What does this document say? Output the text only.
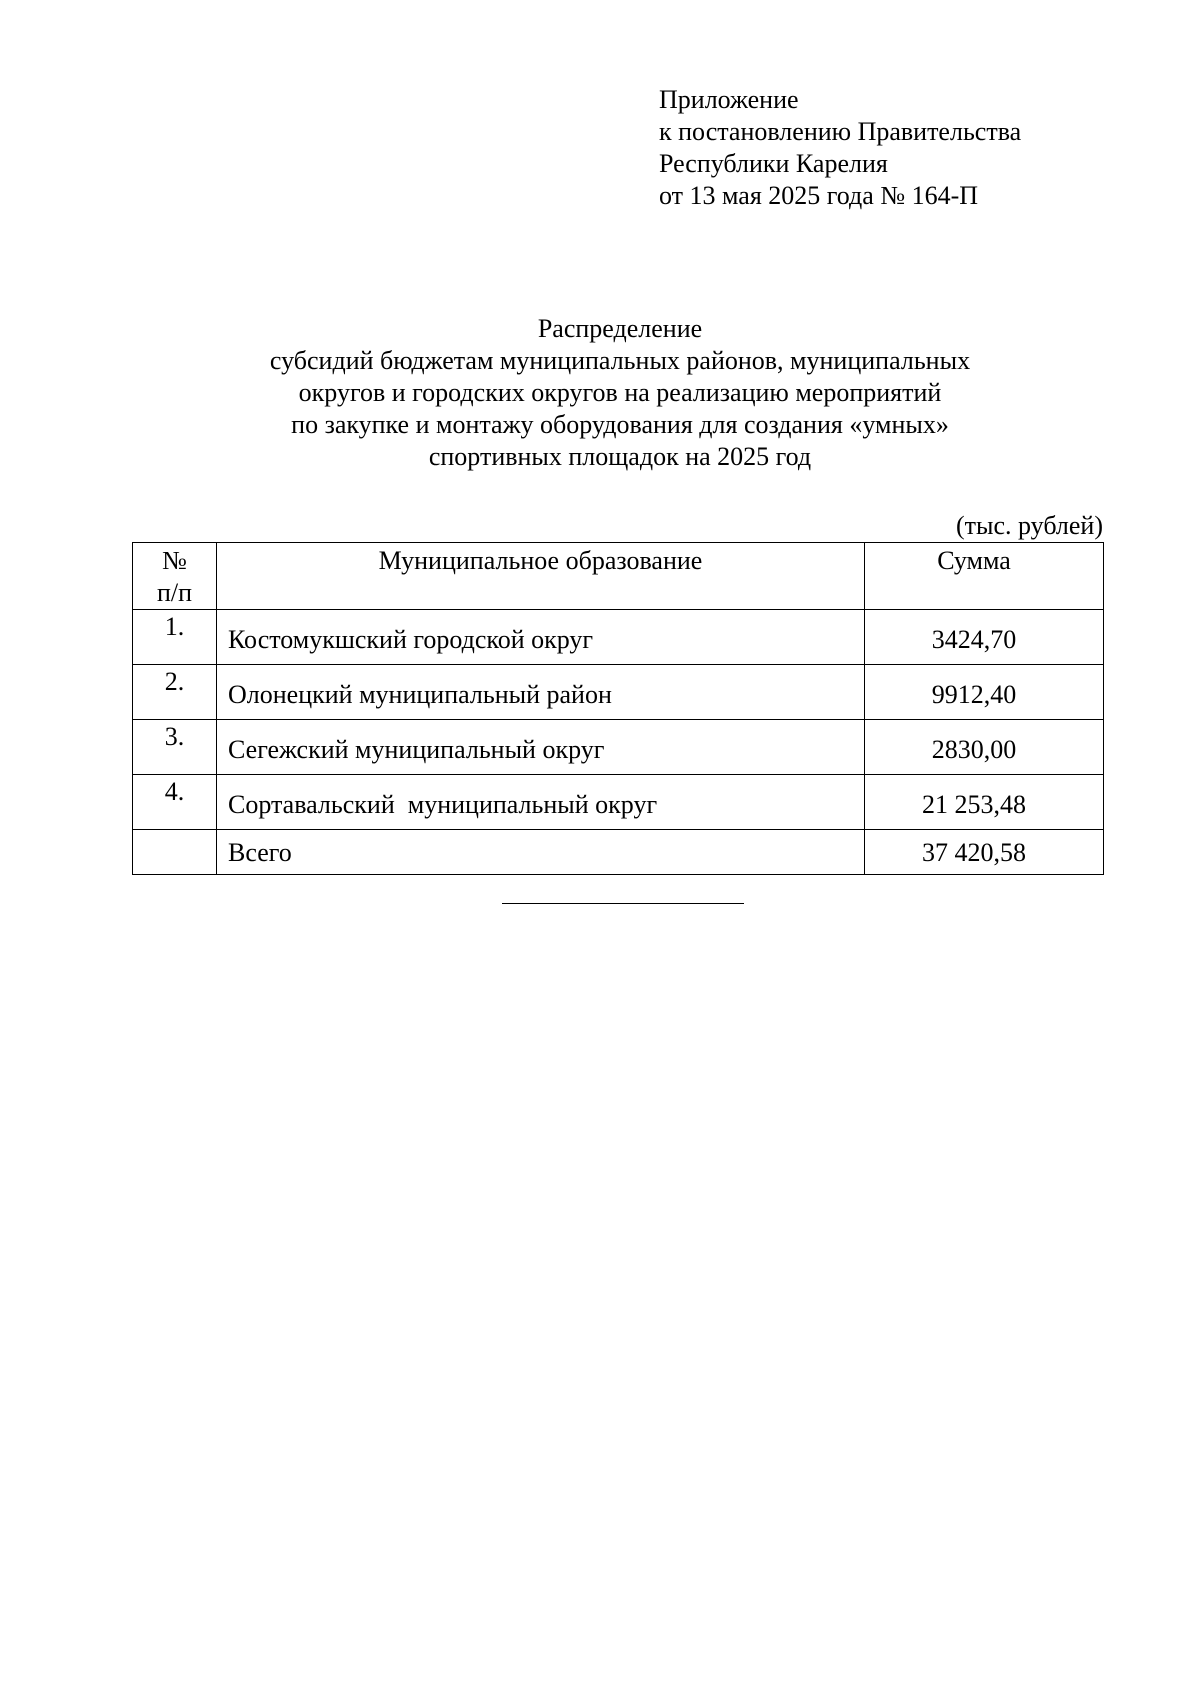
Приложение
к постановлению Правительства
Республики Карелия
от 13 мая 2025 года № 164-П
Распределение
субсидий бюджетам муниципальных районов, муниципальных
округов и городских округов на реализацию мероприятий
по закупке и монтажу оборудования для создания «умных»
спортивных площадок на 2025 год
(тыс. рублей)
№
п/п	Муниципальное образование	Сумма
1.	Костомукшский городской округ	3424,70
2.	Олонецкий муниципальный район	9912,40
3.	Сегежский муниципальный округ	2830,00
4.	Сортавальский  муниципальный округ	21 253,48
	Всего	37 420,58
